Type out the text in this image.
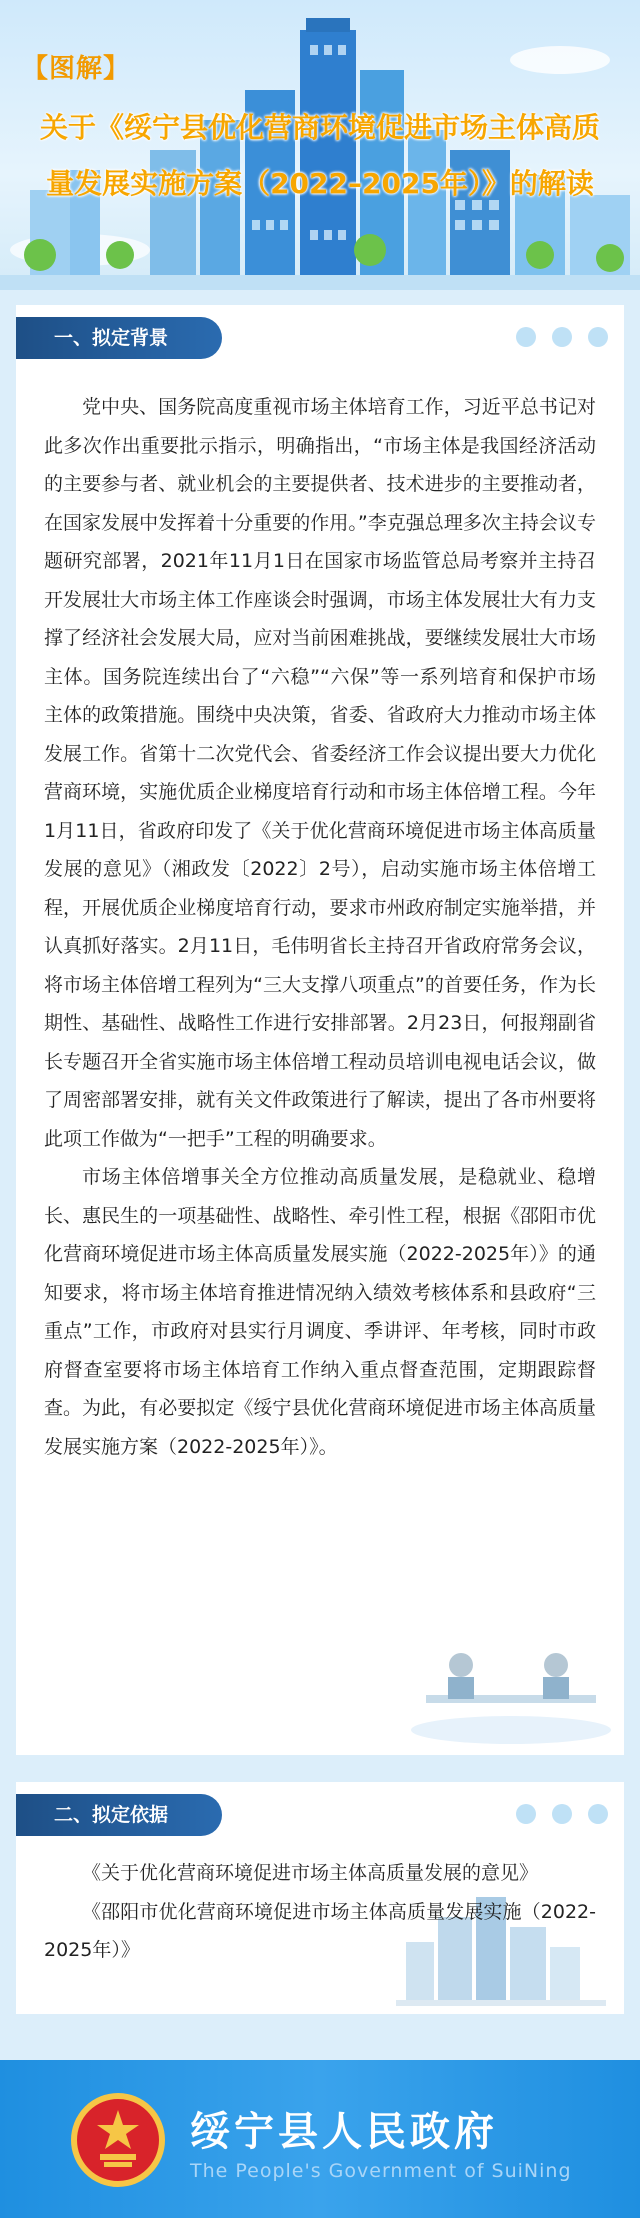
【图解】
关于《绥宁县优化营商环境促进市场主体高质
量发展实施方案（2022–2025年）》的解读
一、拟定背景

党中央、国务院高度重视市场主体培育工作，习近平总书记对此多次作出重要批示指示，明确指出，“市场主体是我国经济活动的主要参与者、就业机会的主要提供者、技术进步的主要推动者，在国家发展中发挥着十分重要的作用。”李克强总理多次主持会议专题研究部署，2021年11月1日在国家市场监管总局考察并主持召开发展壮大市场主体工作座谈会时强调，市场主体发展壮大有力支撑了经济社会发展大局，应对当前困难挑战，要继续发展壮大市场主体。国务院连续出台了“六稳”“六保”等一系列培育和保护市场主体的政策措施。围绕中央决策，省委、省政府大力推动市场主体发展工作。省第十二次党代会、省委经济工作会议提出要大力优化营商环境，实施优质企业梯度培育行动和市场主体倍增工程。今年1月11日，省政府印发了《关于优化营商环境促进市场主体高质量发展的意见》（湘政发〔2022〕2号），启动实施市场主体倍增工程，开展优质企业梯度培育行动，要求市州政府制定实施举措，并认真抓好落实。2月11日，毛伟明省长主持召开省政府常务会议，将市场主体倍增工程列为“三大支撑八项重点”的首要任务，作为长期性、基础性、战略性工作进行安排部署。2月23日，何报翔副省长专题召开全省实施市场主体倍增工程动员培训电视电话会议，做了周密部署安排，就有关文件政策进行了解读，提出了各市州要将此项工作做为“一把手”工程的明确要求。

市场主体倍增事关全方位推动高质量发展，是稳就业、稳增长、惠民生的一项基础性、战略性、牵引性工程，根据《邵阳市优化营商环境促进市场主体高质量发展实施（2022-2025年）》的通知要求，将市场主体培育推进情况纳入绩效考核体系和县政府“三重点”工作，市政府对县实行月调度、季讲评、年考核，同时市政府督查室要将市场主体培育工作纳入重点督查范围，定期跟踪督查。为此，有必要拟定《绥宁县优化营商环境促进市场主体高质量发展实施方案（2022-2025年）》。

二、拟定依据

《关于优化营商环境促进市场主体高质量发展的意见》

《邵阳市优化营商环境促进市场主体高质量发展实施（2022-2025年）》

绥宁县人民政府
The People's Government of SuiNing
